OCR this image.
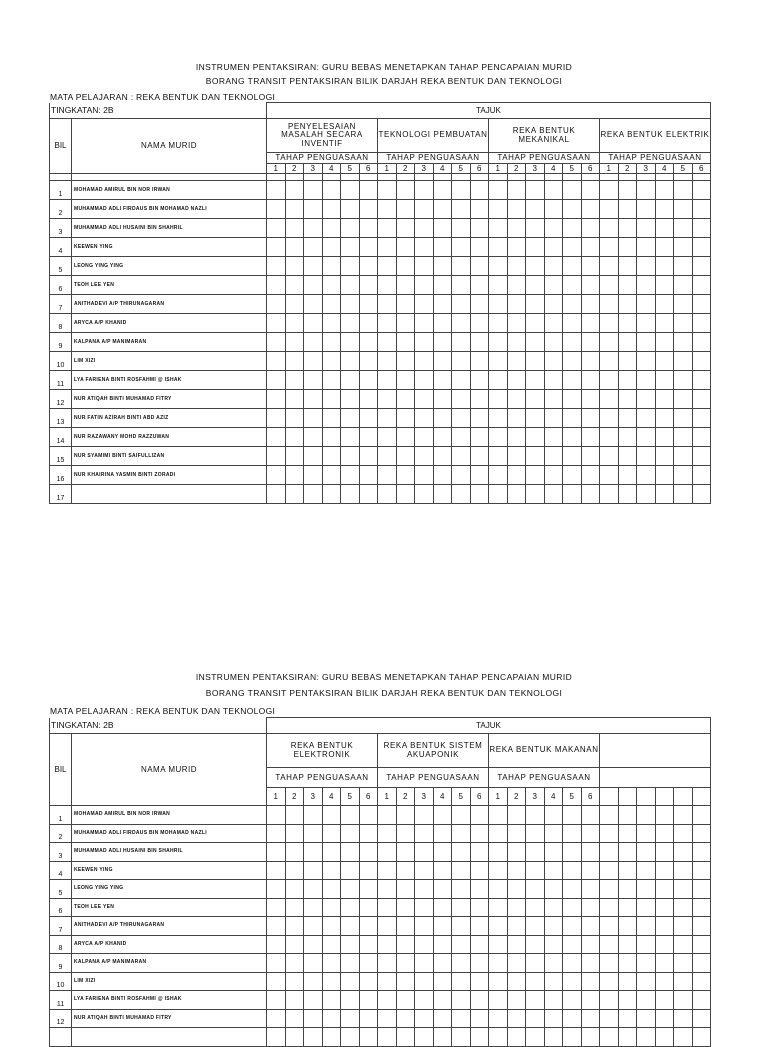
INSTRUMEN PENTAKSIRAN: GURU BEBAS MENETAPKAN TAHAP PENCAPAIAN MURID
BORANG TRANSIT PENTAKSIRAN BILIK DARJAH REKA BENTUK DAN TEKNOLOGI
MATA PELAJARAN : REKA BENTUK DAN TEKNOLOGI
TINGKATAN: 2B		TAJUK																							
BIL	NAMA MURID	PENYELESAIAN MASALAH SECARA INVENTIF						TEKNOLOGI PEMBUATAN						REKA BENTUK MEKANIKAL						REKA BENTUK ELEKTRIK					
		TAHAP PENGUASAAN						TAHAP PENGUASAAN						TAHAP PENGUASAAN						TAHAP PENGUASAAN					
		1	2	3	4	5	6	1	2	3	4	5	6	1	2	3	4	5	6	1	2	3	4	5	6

1	MOHAMAD AMIRUL BIN NOR IRWAN																								
2	MUHAMMAD ADLI FIRDAUS BIN MOHAMAD NAZLI																								
3	MUHAMMAD ADLI HUSAINI BIN SHAHRIL																								
4	KEEWEN YING																								
5	LEONG YING YING																								
6	TEOH LEE YEN																								
7	ANITHADEVI A/P THIRUNAGARAN																								
8	ARYCA A/P KHANID																								
9	KALPANA A/P MANIMARAN																								
10	LIM XIZI																								
11	LYA FARIENA BINTI ROSFAHMI @ ISHAK																								
12	NUR ATIQAH BINTI MUHAMAD FITRY																								
13	NUR FATIN AZIRAH BINTI ABD AZIZ																								
14	NUR RAZAWANY MOHD RAZZUWAN																								
15	NUR SYAMIMI BINTI SAIFULLIZAN																								
16	NUR KHAIRINA YASMIN BINTI ZORADI																								
17																									
INSTRUMEN PENTAKSIRAN: GURU BEBAS MENETAPKAN TAHAP PENCAPAIAN MURID
BORANG TRANSIT PENTAKSIRAN BILIK DARJAH REKA BENTUK DAN TEKNOLOGI
MATA PELAJARAN : REKA BENTUK DAN TEKNOLOGI
TINGKATAN: 2B		TAJUK																							
BIL	NAMA MURID	REKA BENTUK ELEKTRONIK						REKA BENTUK SISTEM AKUAPONIK						REKA BENTUK MAKANAN											
		TAHAP PENGUASAAN						TAHAP PENGUASAAN						TAHAP PENGUASAAN											
		1	2	3	4	5	6	1	2	3	4	5	6	1	2	3	4	5	6						
1	MOHAMAD AMIRUL BIN NOR IRWAN																								
2	MUHAMMAD ADLI FIRDAUS BIN MOHAMAD NAZLI																								
3	MUHAMMAD ADLI HUSAINI BIN SHAHRIL																								
4	KEEWEN YING																								
5	LEONG YING YING																								
6	TEOH LEE YEN																								
7	ANITHADEVI A/P THIRUNAGARAN																								
8	ARYCA A/P KHANID																								
9	KALPANA A/P MANIMARAN																								
10	LIM XIZI																								
11	LYA FARIENA BINTI ROSFAHMI @ ISHAK																								
12	NUR ATIQAH BINTI MUHAMAD FITRY																								
